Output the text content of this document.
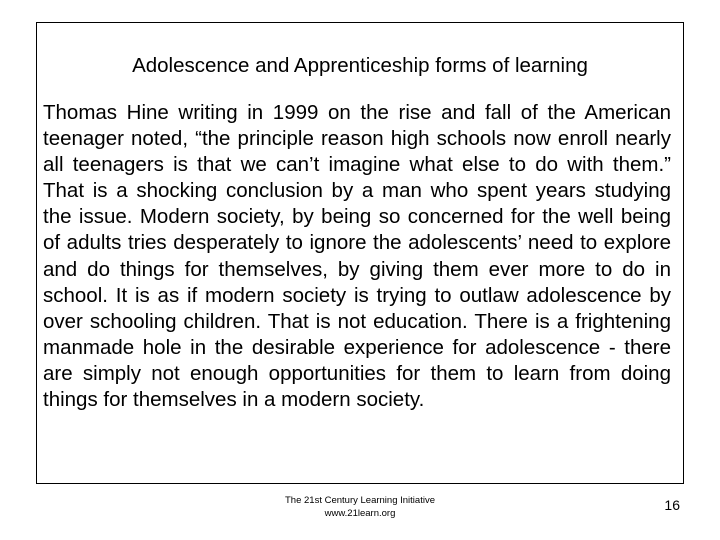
Adolescence and Apprenticeship forms of learning

Thomas Hine writing in 1999 on the rise and fall of the American teenager noted, “the principle reason high schools now enroll nearly all teenagers is that we can’t imagine what else to do with them.” That is a shocking conclusion by a man who spent years studying the issue. Modern society, by being so concerned for the well being of adults tries desperately to ignore the adolescents’ need to explore and do things for themselves, by giving them ever more to do in school. It is as if modern society is trying to outlaw adolescence by over schooling children. That is not education. There is a frightening manmade hole in the desirable experience for adolescence - there are simply not enough opportunities for them to learn from doing things for themselves in a modern society.

The 21st Century Learning Initiative
www.21learn.org
16
